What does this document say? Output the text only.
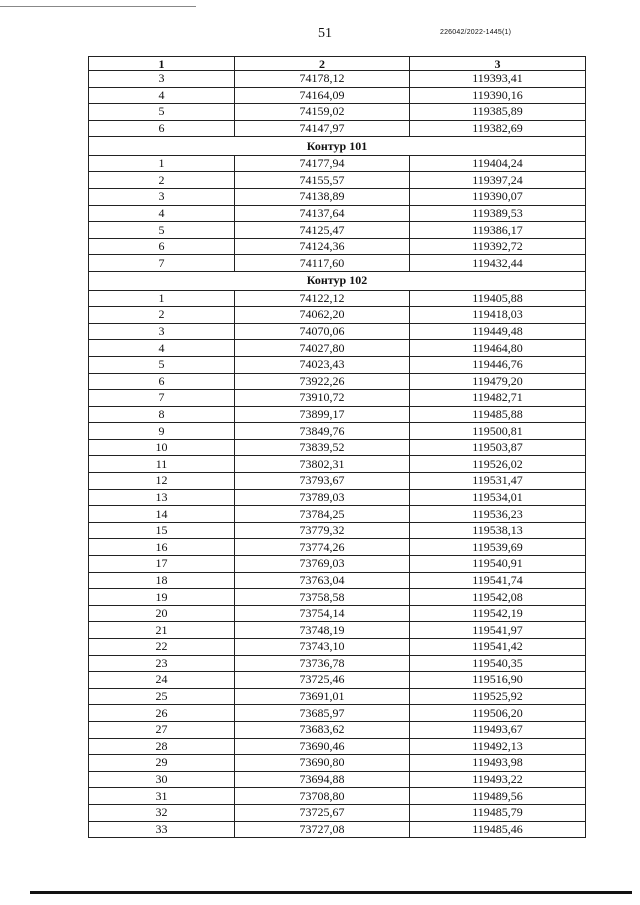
51	226042/2022-1445(1)
1	2	3
3	74178,12	119393,41
4	74164,09	119390,16
5	74159,02	119385,89
6	74147,97	119382,69
Контур 101		
1	74177,94	119404,24
2	74155,57	119397,24
3	74138,89	119390,07
4	74137,64	119389,53
5	74125,47	119386,17
6	74124,36	119392,72
7	74117,60	119432,44
Контур 102		
1	74122,12	119405,88
2	74062,20	119418,03
3	74070,06	119449,48
4	74027,80	119464,80
5	74023,43	119446,76
6	73922,26	119479,20
7	73910,72	119482,71
8	73899,17	119485,88
9	73849,76	119500,81
10	73839,52	119503,87
11	73802,31	119526,02
12	73793,67	119531,47
13	73789,03	119534,01
14	73784,25	119536,23
15	73779,32	119538,13
16	73774,26	119539,69
17	73769,03	119540,91
18	73763,04	119541,74
19	73758,58	119542,08
20	73754,14	119542,19
21	73748,19	119541,97
22	73743,10	119541,42
23	73736,78	119540,35
24	73725,46	119516,90
25	73691,01	119525,92
26	73685,97	119506,20
27	73683,62	119493,67
28	73690,46	119492,13
29	73690,80	119493,98
30	73694,88	119493,22
31	73708,80	119489,56
32	73725,67	119485,79
33	73727,08	119485,46
